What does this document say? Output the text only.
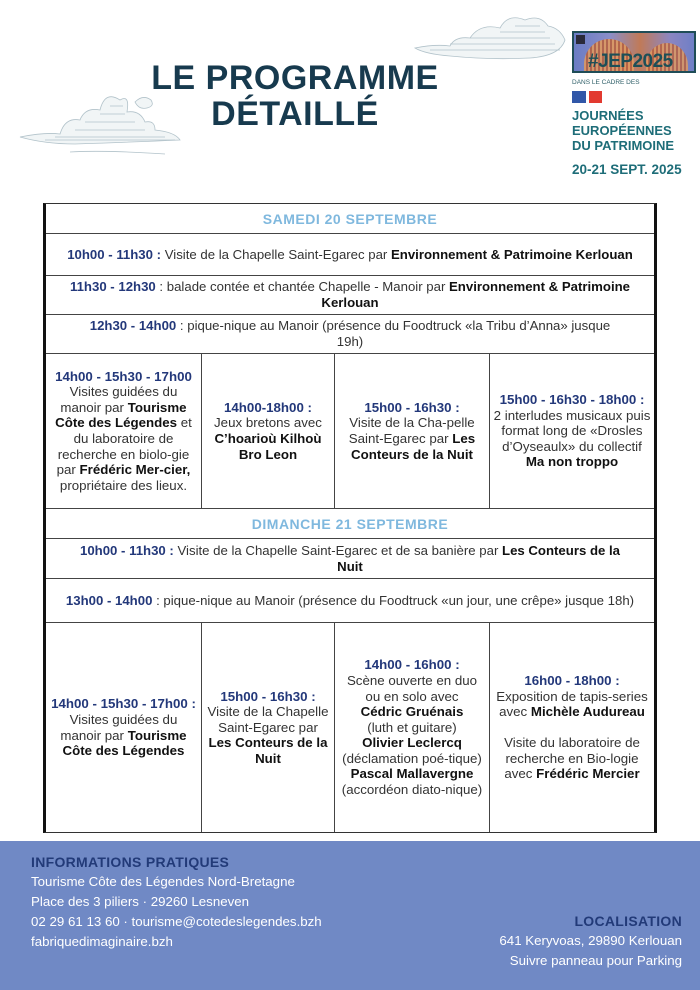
LE PROGRAMME
DÉTAILLÉ
#JEP2025
DANS LE CADRE DES
JOURNÉES
EUROPÉENNES
DU PATRIMOINE
20-21 SEPT. 2025
SAMEDI 20 SEPTEMBRE
10h00 - 11h30 : Visite de la Chapelle Saint-Egarec par Environnement & Patrimoine Kerlouan
11h30 - 12h30 : balade contée et chantée Chapelle - Manoir par Environnement & Patrimoine Kerlouan
12h30 - 14h00 : pique-nique au Manoir (présence du Foodtruck «la Tribu d’Anna» jusque 19h)

14h00 - 15h30 - 17h00

Visites guidées du manoir par Tourisme Côte des Légendes et du laboratoire de recherche en biolo-gie par Frédéric Mer-cier, propriétaire des lieux.

14h00-18h00 :

Jeux bretons avec C’hoarioù Kilhoù Bro Leon

15h00 - 16h30 :

Visite de la Cha-pelle Saint-Egarec par Les Conteurs de la Nuit

15h00 - 16h30 - 18h00 :

2 interludes musicaux puis format long de «Drosles d’Oyseaulx» du collectif Ma non troppo

DIMANCHE 21 SEPTEMBRE
10h00 - 11h30 : Visite de la Chapelle Saint-Egarec et de sa banière par Les Conteurs de la Nuit
13h00 - 14h00 : pique-nique au Manoir (présence du Foodtruck «un jour, une crêpe» jusque 18h)

14h00 - 15h30 - 17h00 :

Visites guidées du manoir par Tourisme Côte des Légendes

15h00 - 16h30 :

Visite de la Chapelle Saint-Egarec par Les Conteurs de la Nuit

14h00 - 16h00 :

Scène ouverte en duo ou en solo avec

Cédric Gruénais

(luth et guitare)

Olivier Leclercq

(déclamation poé-tique)

Pascal Mallavergne

(accordéon diato-nique)

16h00 - 18h00 :

Exposition de tapis-series avec Michèle Audureau

Visite du laboratoire de recherche en Bio-logie avec Frédéric Mercier

INFORMATIONS PRATIQUES
Tourisme Côte des Légendes Nord-Bretagne
Place des 3 piliers · 29260 Lesneven
02 29 61 13 60 · tourisme@cotedeslegendes.bzh
fabriquedimaginaire.bzh
LOCALISATION
641 Keryvoas, 29890 Kerlouan
Suivre panneau pour Parking
